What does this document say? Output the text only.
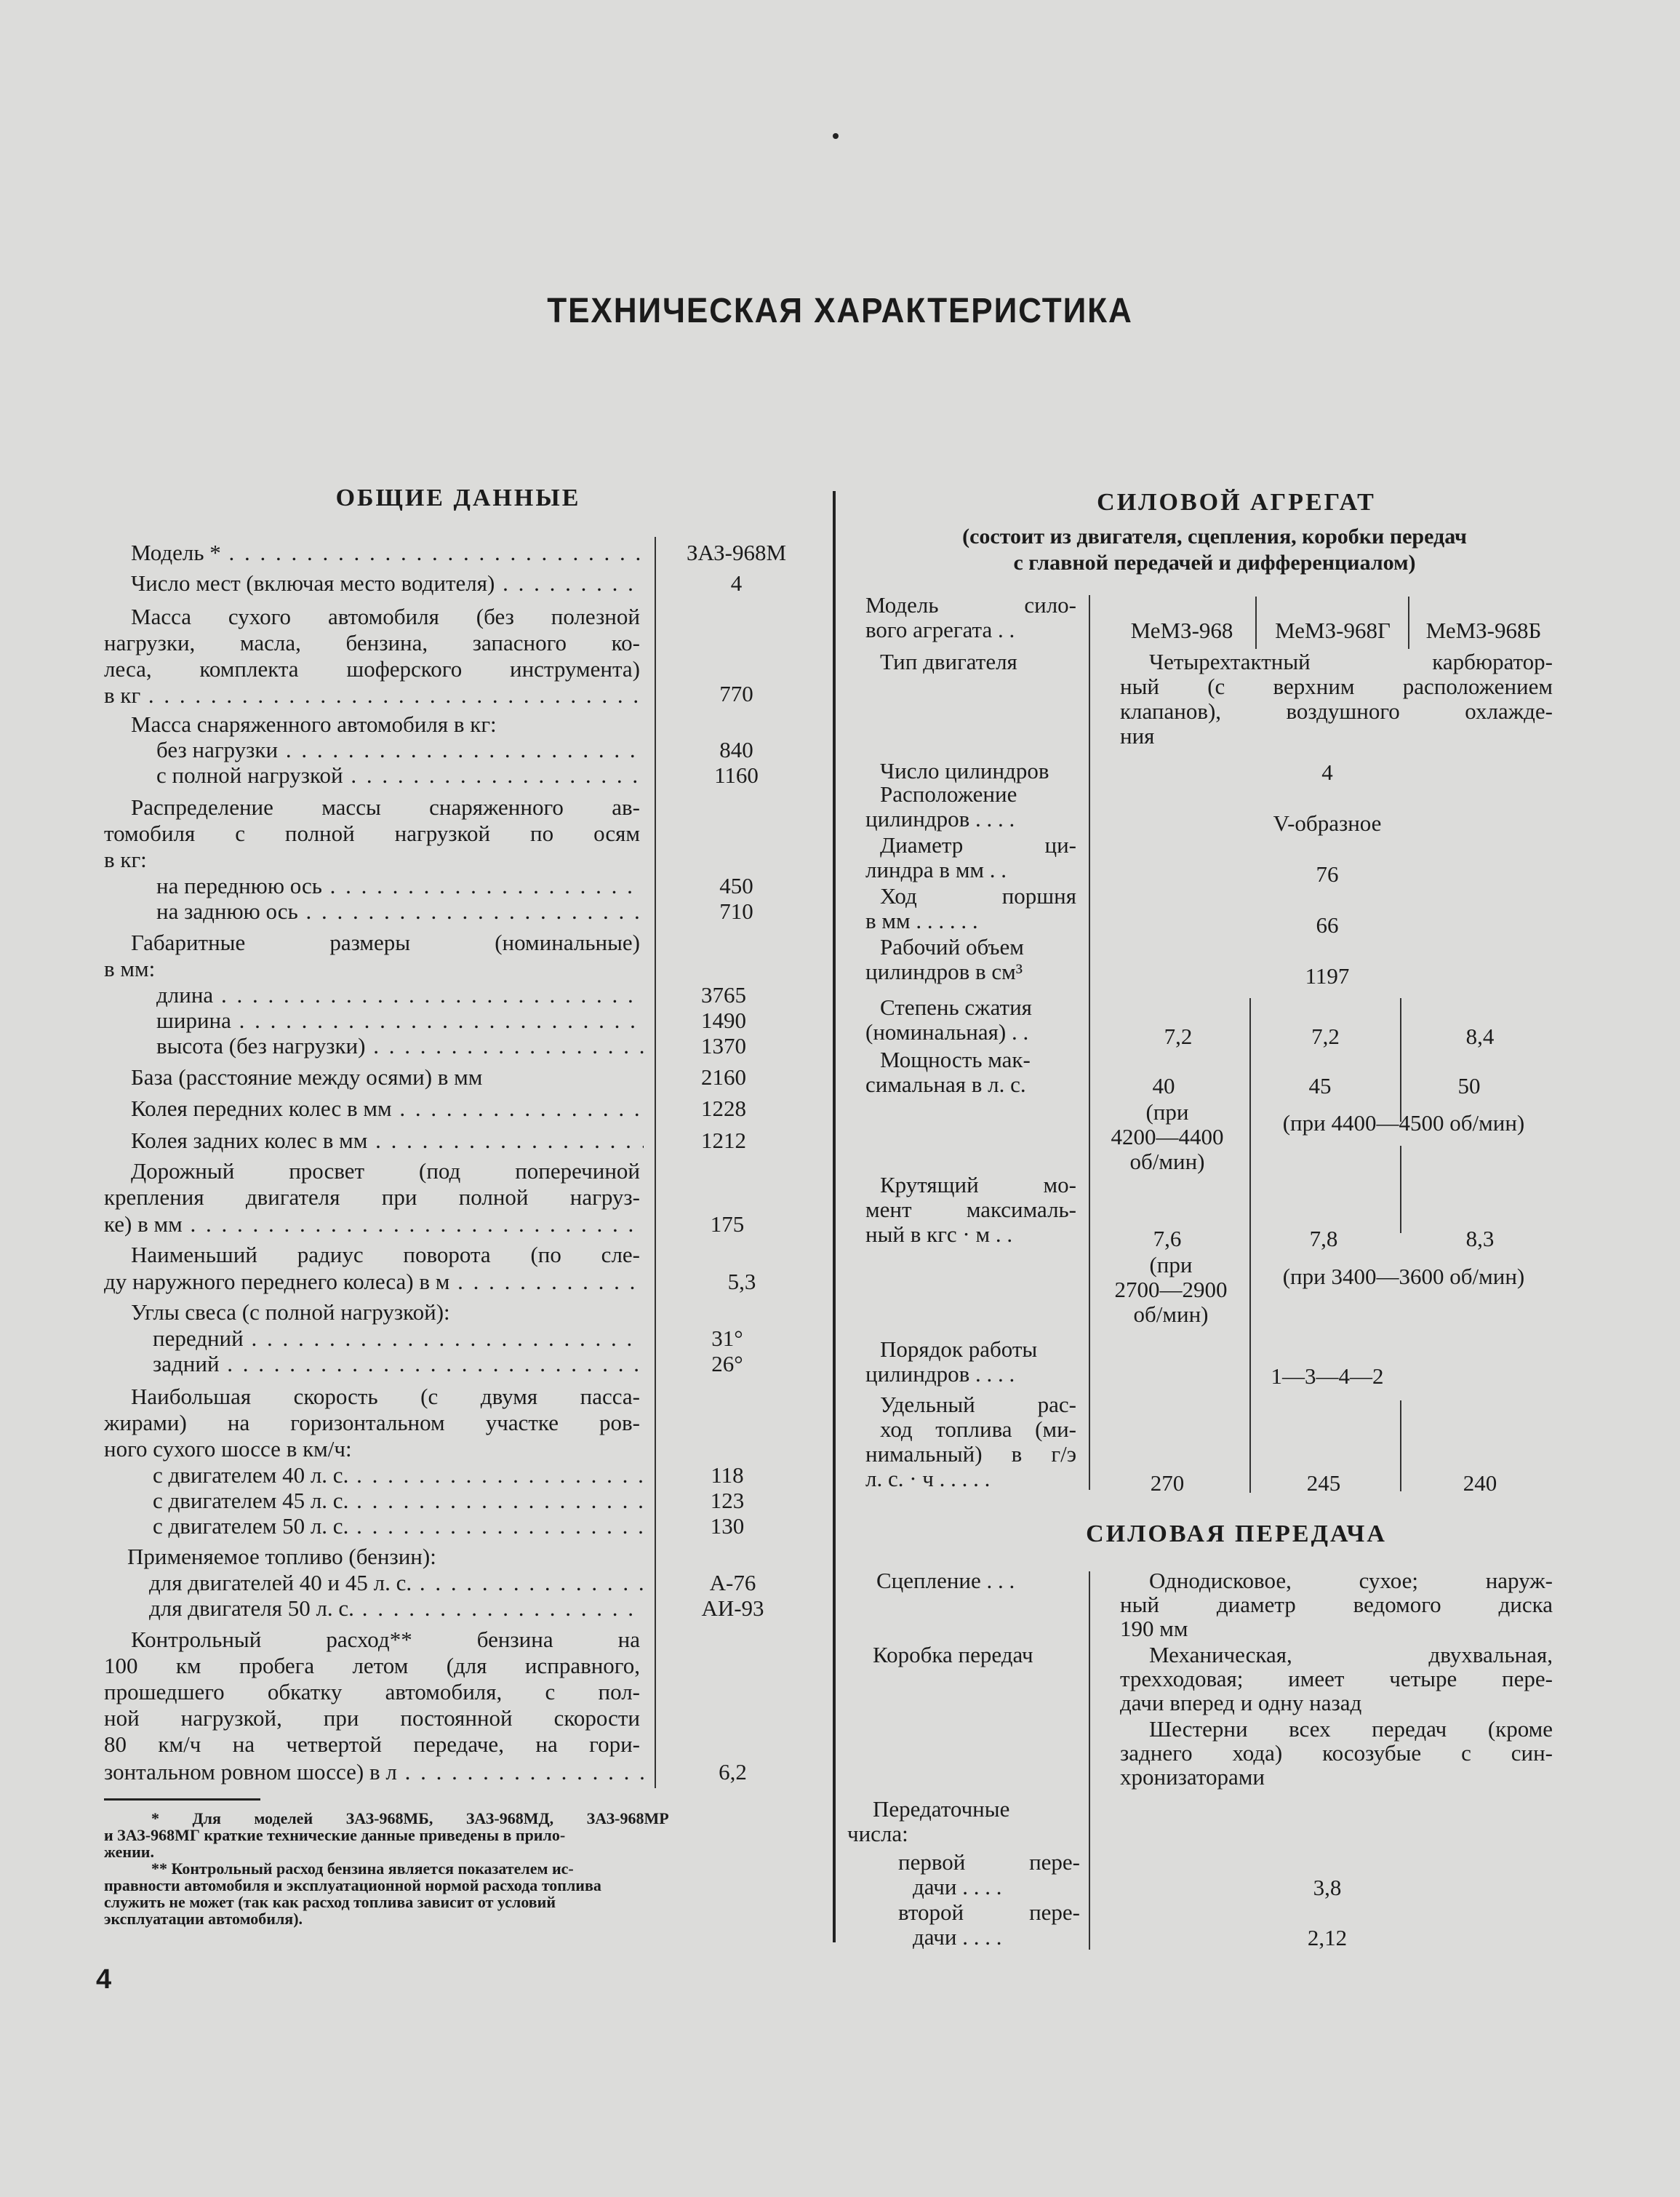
ТЕХНИЧЕСКАЯ ХАРАКТЕРИСТИКА
ОБЩИЕ ДАННЫЕ
Модель * . . .	ЗАЗ-968М
Число мест (включая место водителя) . . .	4
Масса сухого автомобиля (без полезной
нагрузки, масла, бензина, запасного ко-
леса, комплекта шоферского инструмента)
в кг . . .	770
Масса снаряженного автомобиля в кг:
без нагрузки . . .	840
с полной нагрузкой . . .	1160
Распределение массы снаряженного ав-
томобиля с полной нагрузкой по осям
в кг:
на переднюю ось . . .	450
на заднюю ось . . .	710
Габаритные размеры (номинальные)
в мм:
длина . . .	3765
ширина . . .	1490
высота (без нагрузки) . . .	1370
База (расстояние между осями) в мм	2160
Колея передних колес в мм . . .	1228
Колея задних колес в мм . . .	1212
Дорожный просвет (под поперечиной
крепления двигателя при полной нагруз-
ке) в мм . . .	175
Наименьший радиус поворота (по сле-
ду наружного переднего колеса) в м . . .	5,3
Углы свеса (с полной нагрузкой):
передний . . .	31°
задний . . .	26°
Наибольшая скорость (с двумя пасса-
жирами) на горизонтальном участке ров-
ного сухого шоссе в км/ч:
с двигателем 40 л. с. . . .	118
с двигателем 45 л. с. . . .	123
с двигателем 50 л. с. . . .	130
Применяемое топливо (бензин):
для двигателей 40 и 45 л. с. . . .	А-76
для двигателя 50 л. с. . . .	АИ-93
Контрольный расход** бензина на
100 км пробега летом (для исправного,
прошедшего обкатку автомобиля, с пол-
ной нагрузкой, при постоянной скорости
80 км/ч на четвертой передаче, на гори-
зонтальном ровном шоссе) в л . . .	6,2
* Для моделей ЗАЗ-968МБ, ЗАЗ-968МД, ЗАЗ-968МР
и ЗАЗ-968МГ краткие технические данные приведены в прило-
жении.
** Контрольный расход бензина является показателем ис-
правности автомобиля и эксплуатационной нормой расхода топлива
служить не может (так как расход топлива зависит от условий
эксплуатации автомобиля).
4
СИЛОВОЙ АГРЕГАТ
(состоит из двигателя, сцепления, коробки передач
с главной передачей и дифференциалом)
Модель сило-
вого агрегата . .	МеМЗ-968	МеМЗ-968Г	МеМЗ-968Б
Тип двигателя	Четырехтактный карбюратор-
ный (с верхним расположением
клапанов), воздушного охлажде-
ния
Число цилиндров	4
Расположение
цилиндров . . . .	V-образное
Диаметр ци-
линдра в мм . .	76
Ход поршня
в мм . . . . . .	66
Рабочий объем
цилиндров в см³	1197
Степень сжатия
(номинальная) . .	7,2	7,2	8,4
Мощность мак-
симальная в л. с.	40	45	50
(при
4200—4400
об/мин)
(при 4400—4500 об/мин)
Крутящий мо-
мент максималь-
ный в кгс · м . .	7,6	7,8	8,3
(при
2700—2900
об/мин)
(при 3400—3600 об/мин)
Порядок работы
цилиндров . . . .	1—3—4—2
Удельный рас-
ход топлива (ми-
нимальный) в г/э
л. с. · ч . . . . .	270	245	240
СИЛОВАЯ ПЕРЕДАЧА
Сцепление . . .	Однодисковое, сухое; наруж-
ный диаметр ведомого диска
190 мм
Коробка передач	Механическая, двухвальная,
трехходовая; имеет четыре пере-
дачи вперед и одну назад
Шестерни всех передач (кроме
заднего хода) косозубые с син-
хронизаторами
Передаточные
числа:
первой пере-
дачи . . . .	3,8
второй пере-
дачи . . . .	2,12
